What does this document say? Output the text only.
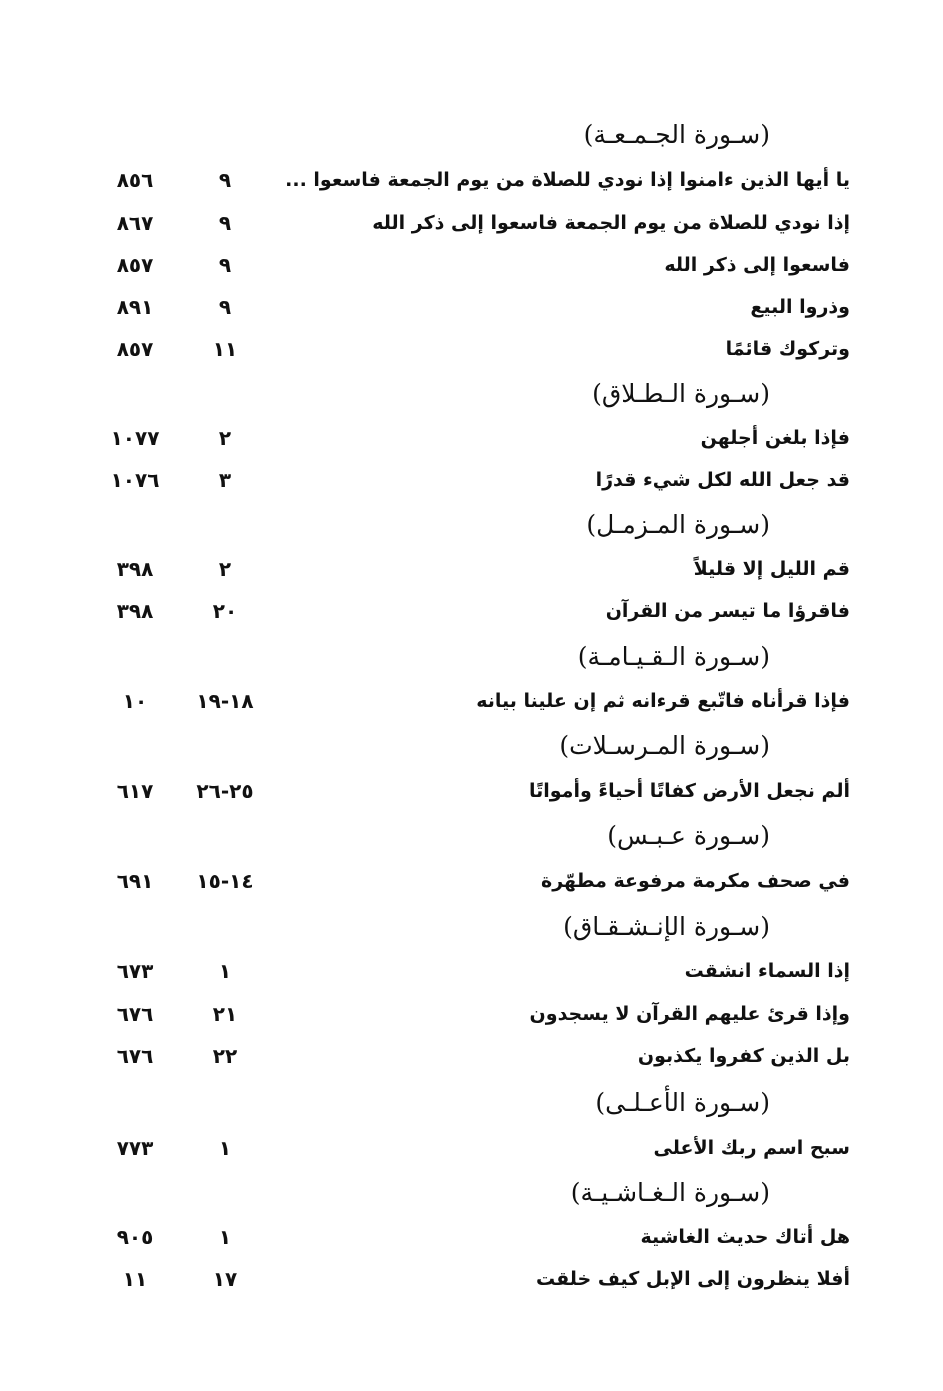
(سـورة الجـمـعـة)
يا أيها الذين ءامنوا إذا نودي للصلاة من يوم الجمعة فاسعوا ...
٩
٨٥٦
إذا نودي للصلاة من يوم الجمعة فاسعوا إلى ذكر الله
٩
٨٦٧
فاسعوا إلى ذكر الله
٩
٨٥٧
وذروا البيع
٩
٨٩١
وتركوك قائمًا
١١
٨٥٧
(سـورة الـطـلاق)
فإذا بلغن أجلهن
٢
١٠٧٧
قد جعل الله لكل شيء قدرًا
٣
١٠٧٦
(سـورة المـزمـل)
قم الليل إلا قليلاً
٢
٣٩٨
فاقرؤا ما تيسر من القرآن
٢٠
٣٩٨
(سـورة الـقـيـامـة)
فإذا قرأناه فاتّبع قرءانه ثم إن علينا بيانه
١٨-١٩
١٠
(سـورة المـرسـلات)
ألم نجعل الأرض كفاتًا أحياءً وأمواتًا
٢٥-٢٦
٦١٧
(سـورة عـبـس)
في صحف مكرمة مرفوعة مطهّرة
١٤-١٥
٦٩١
(سـورة الإنـشـقـاق)
إذا السماء انشقت
١
٦٧٣
وإذا قرئ عليهم القرآن لا يسجدون
٢١
٦٧٦
بل الذين كفروا يكذبون
٢٢
٦٧٦
(سـورة الأعـلـى)
سبح اسم ربك الأعلى
١
٧٧٣
(سـورة الـغـاشـيـة)
هل أتاك حديث الغاشية
١
٩٠٥
أفلا ينظرون إلى الإبل كيف خلقت
١٧
١١
